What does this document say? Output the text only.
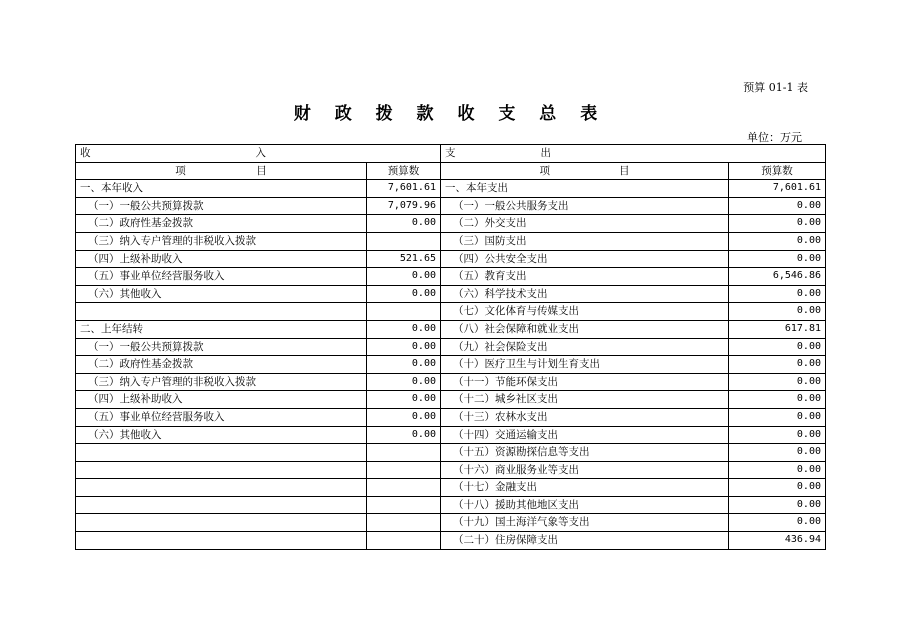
预算 01-1 表
财 政 拨 款 收 支 总 表
单位：万元
收 入		支 出	

项 目	预算数	项 目	预算数
一、本年收入	7,601.61	一、本年支出	7,601.61
（一）一般公共预算拨款	7,079.96	（一）一般公共服务支出	0.00
（二）政府性基金拨款	0.00	（二）外交支出	0.00
（三）纳入专户管理的非税收入拨款		（三）国防支出	0.00
（四）上级补助收入	521.65	（四）公共安全支出	0.00
（五）事业单位经营服务收入	0.00	（五）教育支出	6,546.86
（六）其他收入	0.00	（六）科学技术支出	0.00
		（七）文化体育与传媒支出	0.00
二、上年结转	0.00	（八）社会保障和就业支出	617.81
（一）一般公共预算拨款	0.00	（九）社会保险支出	0.00
（二）政府性基金拨款	0.00	（十）医疗卫生与计划生育支出	0.00
（三）纳入专户管理的非税收入拨款	0.00	（十一）节能环保支出	0.00
（四）上级补助收入	0.00	（十二）城乡社区支出	0.00
（五）事业单位经营服务收入	0.00	（十三）农林水支出	0.00
（六）其他收入	0.00	（十四）交通运输支出	0.00
		（十五）资源勘探信息等支出	0.00
		（十六）商业服务业等支出	0.00
		（十七）金融支出	0.00
		（十八）援助其他地区支出	0.00
		（十九）国土海洋气象等支出	0.00
		（二十）住房保障支出	436.94
